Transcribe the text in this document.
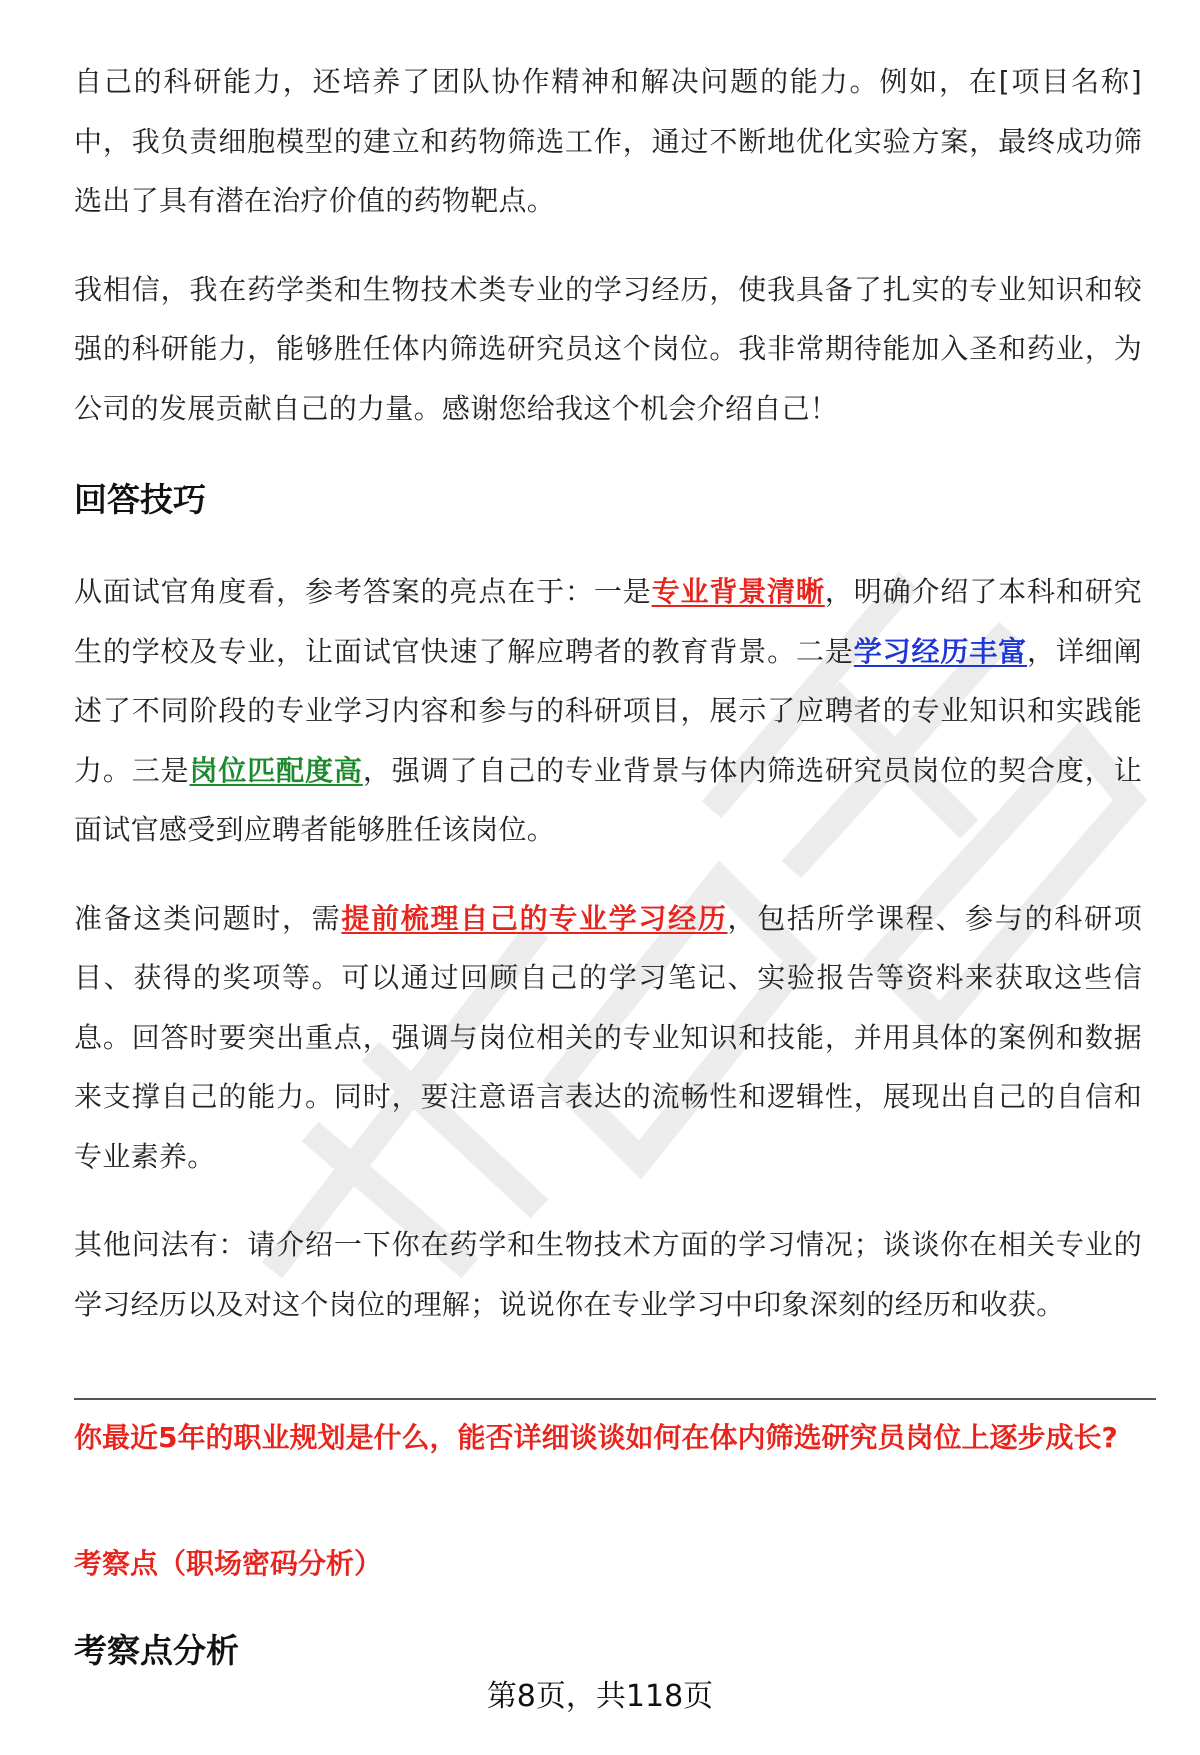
自己的科研能力，还培养了团队协作精神和解决问题的能力。例如，在[项目名称]中，我负责细胞模型的建立和药物筛选工作，通过不断地优化实验方案，最终成功筛选出了具有潜在治疗价值的药物靶点。

我相信，我在药学类和生物技术类专业的学习经历，使我具备了扎实的专业知识和较强的科研能力，能够胜任体内筛选研究员这个岗位。我非常期待能加入圣和药业，为公司的发展贡献自己的力量。感谢您给我这个机会介绍自己！

回答技巧

从面试官角度看，参考答案的亮点在于：一是专业背景清晰，明确介绍了本科和研究生的学校及专业，让面试官快速了解应聘者的教育背景。二是学习经历丰富，详细阐述了不同阶段的专业学习内容和参与的科研项目，展示了应聘者的专业知识和实践能力。三是岗位匹配度高，强调了自己的专业背景与体内筛选研究员岗位的契合度，让面试官感受到应聘者能够胜任该岗位。

准备这类问题时，需提前梳理自己的专业学习经历，包括所学课程、参与的科研项目、获得的奖项等。可以通过回顾自己的学习笔记、实验报告等资料来获取这些信息。回答时要突出重点，强调与岗位相关的专业知识和技能，并用具体的案例和数据来支撑自己的能力。同时，要注意语言表达的流畅性和逻辑性，展现出自己的自信和专业素养。

其他问法有：请介绍一下你在药学和生物技术方面的学习情况；谈谈你在相关专业的学习经历以及对这个岗位的理解；说说你在专业学习中印象深刻的经历和收获。

你最近5年的职业规划是什么，能否详细谈谈如何在体内筛选研究员岗位上逐步成长?

考察点（职场密码分析）

考察点分析
第8页，共118页
